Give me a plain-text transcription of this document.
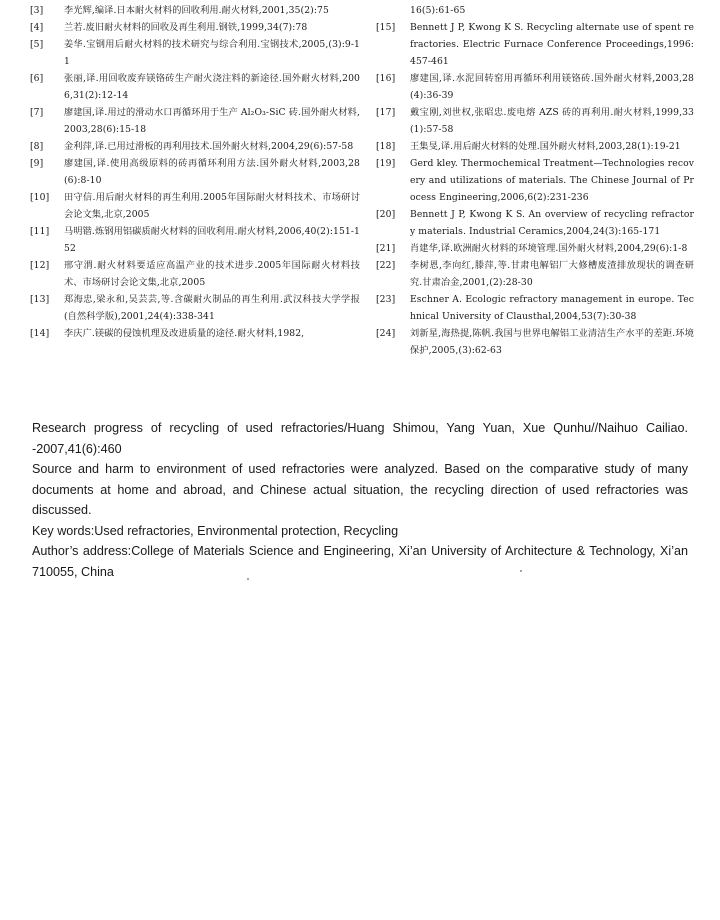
[3]	李光辉,编译.日本耐火材料的回收利用.耐火材料,2001,35(2):75
[4]	兰若.废旧耐火材料的回收及再生利用.钢铁,1999,34(7):78
[5]	姜华.宝钢用后耐火材料的技术研究与综合利用.宝钢技术,2005,(3):9-11
[6]	张丽,译.用回收废弃镁铬砖生产耐火浇注料的新途径.国外耐火材料,2006,31(2):12-14
[7]	廖建国,译.用过的滑动水口再循环用于生产 Al₂O₃-SiC 砖.国外耐火材料,2003,28(6):15-18
[8]	金利萍,译.已用过滑板的再利用技术.国外耐火材料,2004,29(6):57-58
[9]	廖建国,译.使用高级原料的砖再循环利用方法.国外耐火材料,2003,28(6):8-10
[10]	田守信.用后耐火材料的再生利用.2005年国际耐火材料技术、市场研讨会论文集,北京,2005
[11]	马明锴.炼钢用铝碳质耐火材料的回收利用.耐火材料,2006,40(2):151-152
[12]	邢守渭.耐火材料要适应高温产业的技术进步.2005年国际耐火材料技术、市场研讨会论文集,北京,2005
[13]	郑海忠,梁永和,吴芸芸,等.含碳耐火制品的再生利用.武汉科技大学学报(自然科学版),2001,24(4):338-341
[14]	李庆广.镁碳的侵蚀机理及改进质量的途径.耐火材料,1982,
16(5):61-65
[15]	Bennett J P, Kwong K S. Recycling alternate use of spent refractories. Electric Furnace Conference Proceedings,1996:457-461
[16]	廖建国,译.水泥回转窑用再循环利用镁铬砖.国外耐火材料,2003,28(4):36-39
[17]	戴宝刚,刘世权,张昭忠.废电熔 AZS 砖的再利用.耐火材料,1999,33(1):57-58
[18]	王集旻,译.用后耐火材料的处理.国外耐火材料,2003,28(1):19-21
[19]	Gerd kley. Thermochemical Treatment—Technologies recovery and utilizations of materials. The Chinese Journal of Process Engineering,2006,6(2):231-236
[20]	Bennett J P, Kwong K S. An overview of recycling refractory materials. Industrial Ceramics,2004,24(3):165-171
[21]	肖建华,译.欧洲耐火材料的环境管理.国外耐火材料,2004,29(6):1-8
[22]	李树恩,李向红,滕萍,等.甘肃电解铝厂大修槽废渣排放现状的调查研究.甘肃冶金,2001,(2):28-30
[23]	Eschner A. Ecologic refractory management in europe. Technical University of Clausthal,2004,53(7):30-38
[24]	刘新星,海热提,陈帆.我国与世界电解铝工业清洁生产水平的差距.环境保护,2005,(3):62-63

Research progress of recycling of used refractories/Huang Shimou, Yang Yuan, Xue Qunhu//Naihuo Cailiao. -2007,41(6):460

Source and harm to environment of used refractories were analyzed. Based on the comparative study of many documents at home and abroad, and Chinese actual situation, the recycling direction of used refractories was discussed.

Key words:Used refractories, Environmental protection, Recycling

Author’s address:College of Materials Science and Engineering, Xi’an University of Architecture & Technology, Xi’an 710055, China
